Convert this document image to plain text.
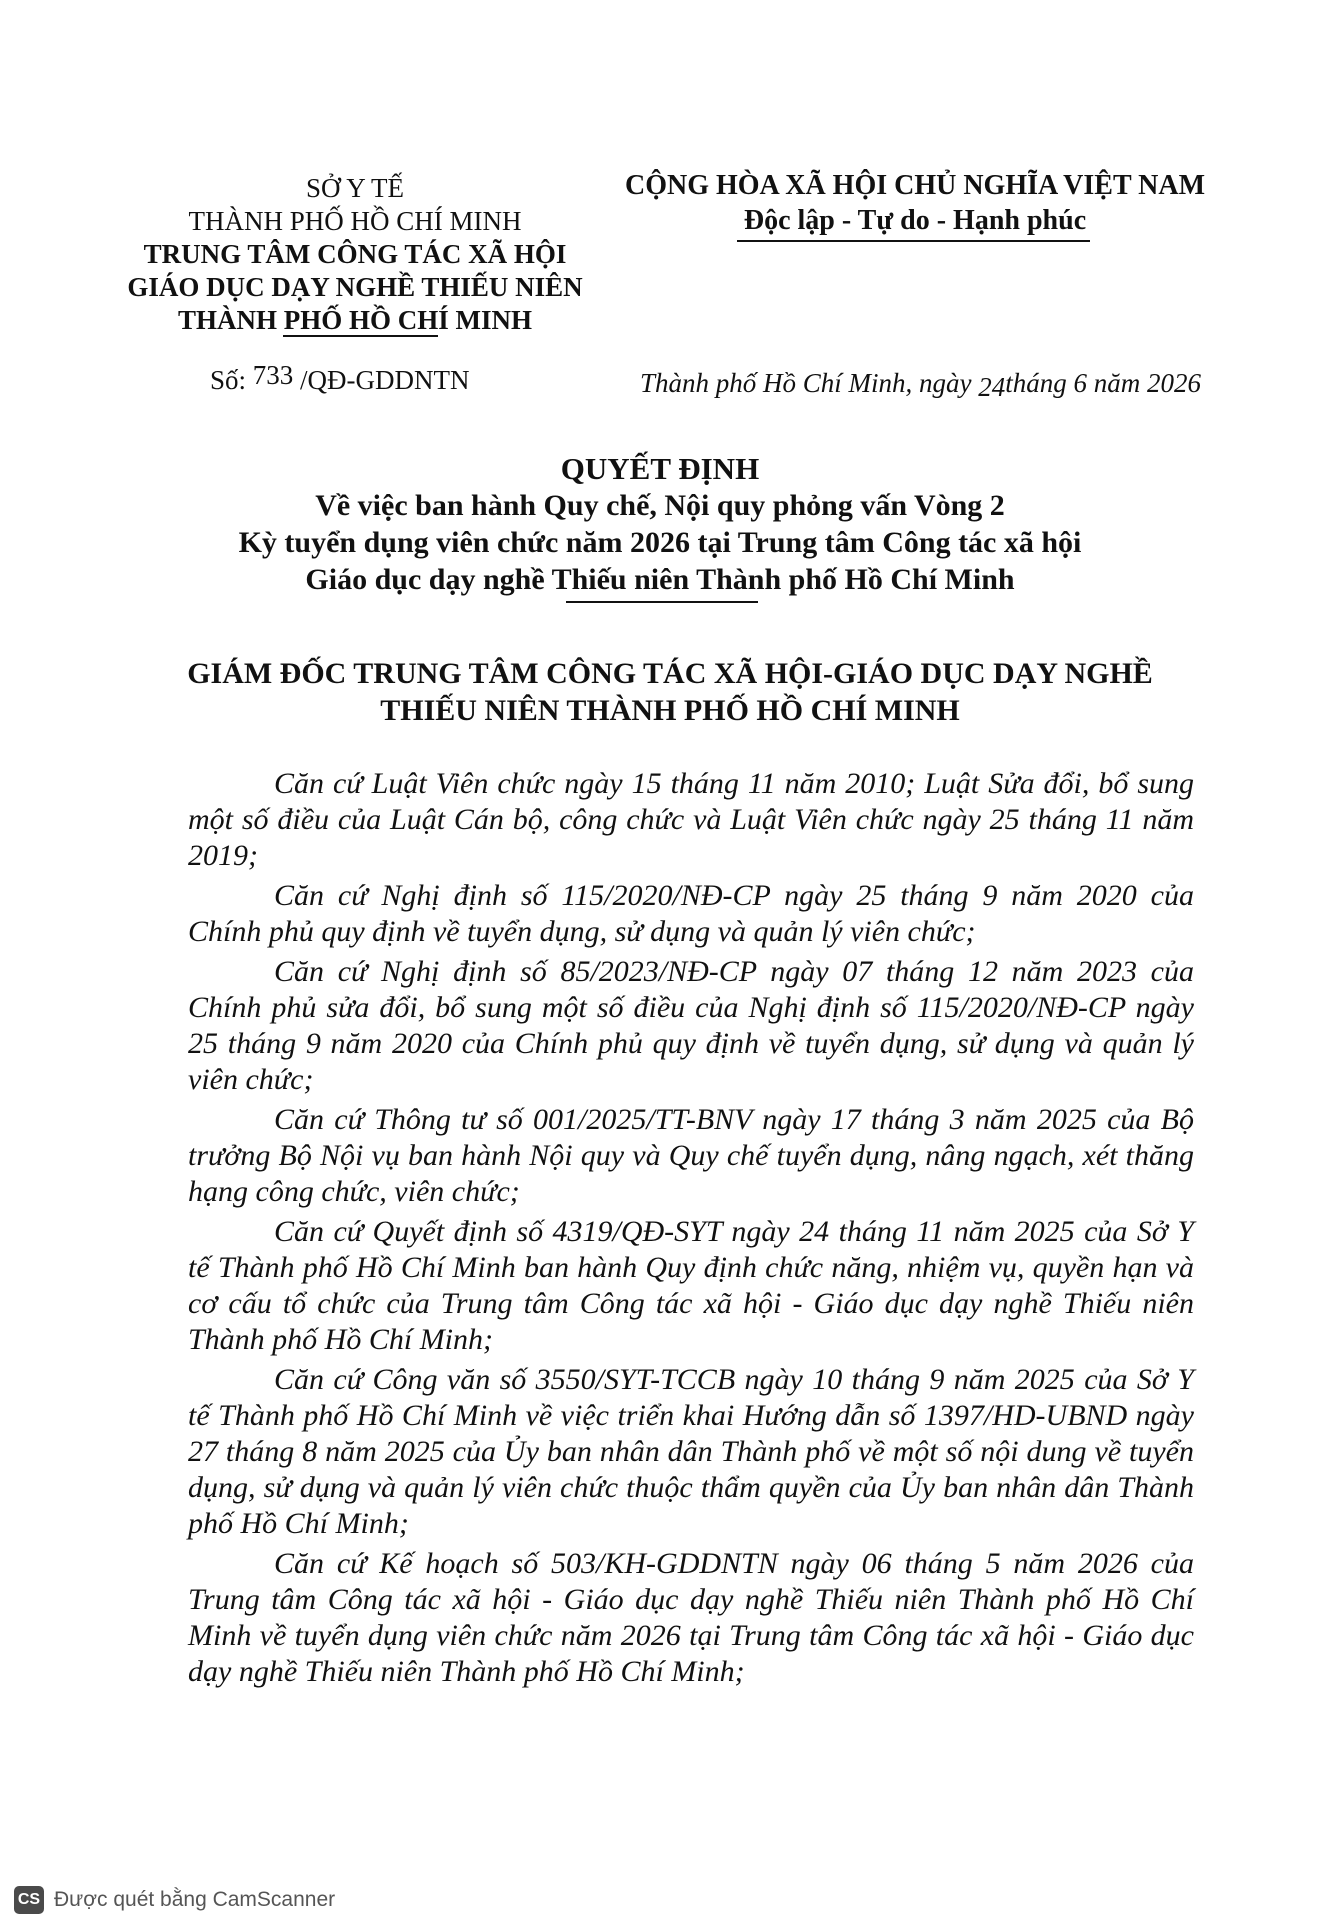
SỞ Y TẾ
THÀNH PHỐ HỒ CHÍ MINH
TRUNG TÂM CÔNG TÁC XÃ HỘI
GIÁO DỤC DẠY NGHỀ THIẾU NIÊN
THÀNH PHỐ HỒ CHÍ MINH
CỘNG HÒA XÃ HỘI CHỦ NGHĨA VIỆT NAM
Độc lập - Tự do - Hạnh phúc
Số: 733 /QĐ-GDDNTN	Thành phố Hồ Chí Minh, ngày 24tháng 6 năm 2026
QUYẾT ĐỊNH
Về việc ban hành Quy chế, Nội quy phỏng vấn Vòng 2
Kỳ tuyển dụng viên chức năm 2026 tại Trung tâm Công tác xã hội
Giáo dục dạy nghề Thiếu niên Thành phố Hồ Chí Minh
GIÁM ĐỐC TRUNG TÂM CÔNG TÁC XÃ HỘI-GIÁO DỤC DẠY NGHỀ
THIẾU NIÊN THÀNH PHỐ HỒ CHÍ MINH

Căn cứ Luật Viên chức ngày 15 tháng 11 năm 2010; Luật Sửa đổi, bổ sung một số điều của Luật Cán bộ, công chức và Luật Viên chức ngày 25 tháng 11 năm 2019;

Căn cứ Nghị định số 115/2020/NĐ-CP ngày 25 tháng 9 năm 2020 của Chính phủ quy định về tuyển dụng, sử dụng và quản lý viên chức;

Căn cứ Nghị định số 85/2023/NĐ-CP ngày 07 tháng 12 năm 2023 của Chính phủ sửa đổi, bổ sung một số điều của Nghị định số 115/2020/NĐ-CP ngày 25 tháng 9 năm 2020 của Chính phủ quy định về tuyển dụng, sử dụng và quản lý viên chức;

Căn cứ Thông tư số 001/2025/TT-BNV ngày 17 tháng 3 năm 2025 của Bộ trưởng Bộ Nội vụ ban hành Nội quy và Quy chế tuyển dụng, nâng ngạch, xét thăng hạng công chức, viên chức;

Căn cứ Quyết định số 4319/QĐ-SYT ngày 24 tháng 11 năm 2025 của Sở Y tế Thành phố Hồ Chí Minh ban hành Quy định chức năng, nhiệm vụ, quyền hạn và cơ cấu tổ chức của Trung tâm Công tác xã hội - Giáo dục dạy nghề Thiếu niên Thành phố Hồ Chí Minh;

Căn cứ Công văn số 3550/SYT-TCCB ngày 10 tháng 9 năm 2025 của Sở Y tế Thành phố Hồ Chí Minh về việc triển khai Hướng dẫn số 1397/HD-UBND ngày 27 tháng 8 năm 2025 của Ủy ban nhân dân Thành phố về một số nội dung về tuyển dụng, sử dụng và quản lý viên chức thuộc thẩm quyền của Ủy ban nhân dân Thành phố Hồ Chí Minh;

Căn cứ Kế hoạch số 503/KH-GDDNTN ngày 06 tháng 5 năm 2026 của Trung tâm Công tác xã hội - Giáo dục dạy nghề Thiếu niên Thành phố Hồ Chí Minh về tuyển dụng viên chức năm 2026 tại Trung tâm Công tác xã hội - Giáo dục dạy nghề Thiếu niên Thành phố Hồ Chí Minh;

CS Được quét bằng CamScanner
